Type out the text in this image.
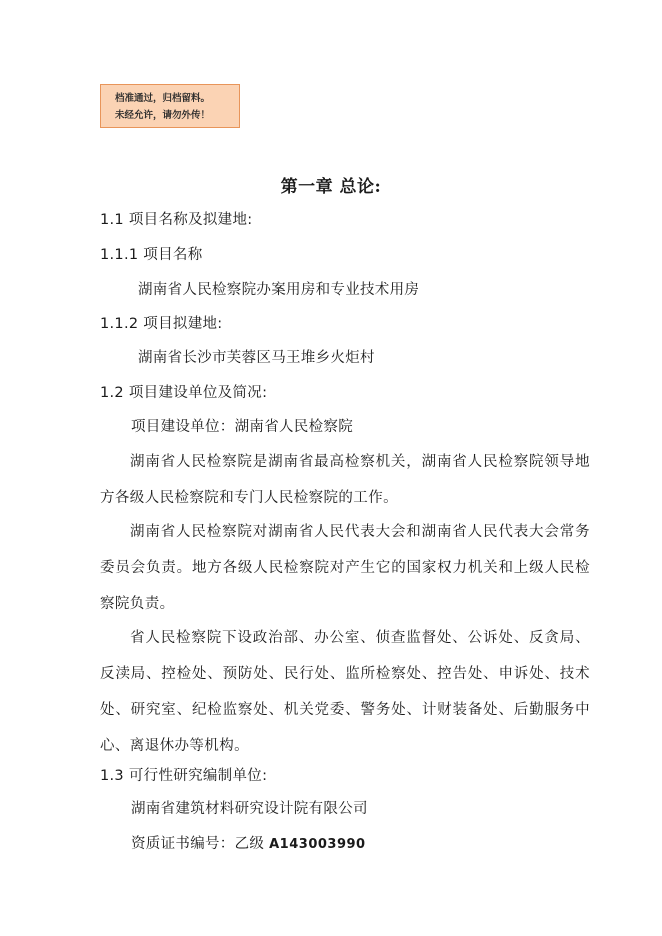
档准通过，归档留料。
未经允许，请勿外传！
第一章 总论:
1.1 项目名称及拟建地:
1.1.1 项目名称
湖南省人民检察院办案用房和专业技术用房
1.1.2 项目拟建地:
湖南省长沙市芙蓉区马王堆乡火炬村
1.2 项目建设单位及简况:
项目建设单位：湖南省人民检察院
湖南省人民检察院是湖南省最高检察机关，湖南省人民检察院领导地方各级人民检察院和专门人民检察院的工作。
湖南省人民检察院对湖南省人民代表大会和湖南省人民代表大会常务委员会负责。地方各级人民检察院对产生它的国家权力机关和上级人民检察院负责。
省人民检察院下设政治部、办公室、侦查监督处、公诉处、反贪局、反渎局、控检处、预防处、民行处、监所检察处、控告处、申诉处、技术处、研究室、纪检监察处、机关党委、警务处、计财装备处、后勤服务中心、离退休办等机构。
1.3 可行性研究编制单位:
湖南省建筑材料研究设计院有限公司
资质证书编号：乙级 A143003990
